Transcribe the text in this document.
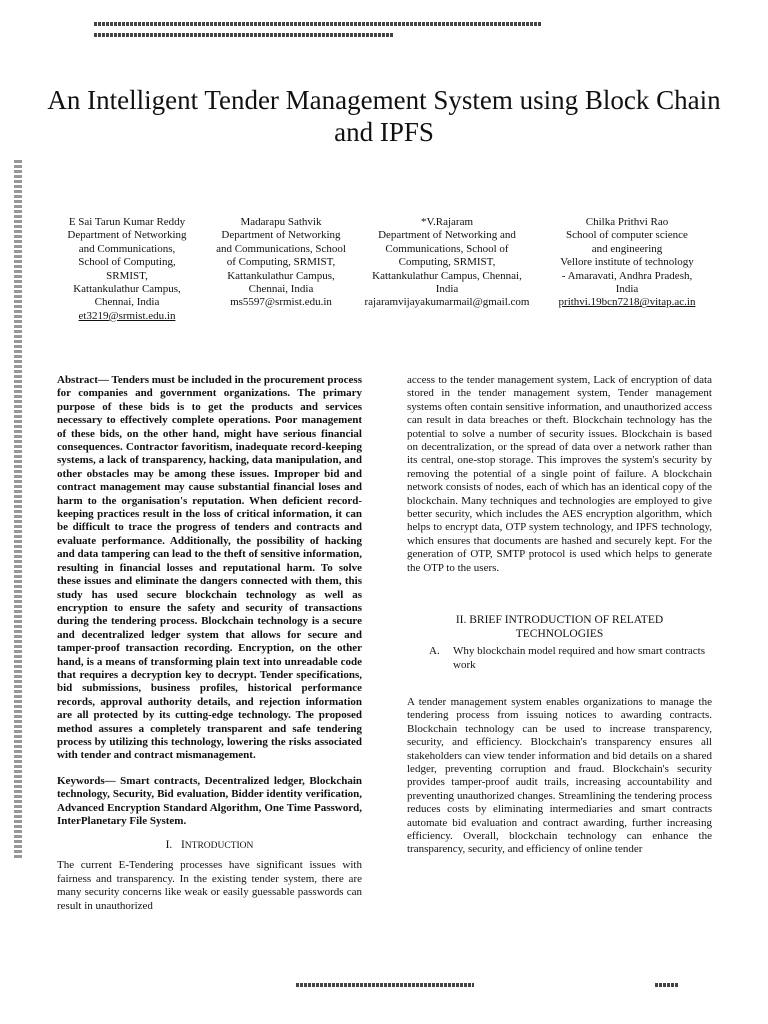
An Intelligent Tender Management System using Block Chain and IPFS
E Sai Tarun Kumar Reddy
Department of Networking
and Communications,
School of Computing,
SRMIST,
Kattankulathur Campus,
Chennai, India
et3219@srmist.edu.in
Madarapu Sathvik
Department of Networking
and Communications, School
of Computing, SRMIST,
Kattankulathur Campus,
Chennai, India
ms5597@srmist.edu.in
*V.Rajaram
Department of Networking and
Communications, School of
Computing, SRMIST,
Kattankulathur Campus, Chennai,
India
rajaramvijayakumarmail@gmail.com
Chilka Prithvi Rao
School of computer science
and engineering
Vellore institute of technology
- Amaravati, Andhra Pradesh,
India
prithvi.19bcn7218@vitap.ac.in

Abstract— Tenders must be included in the procurement process for companies and government organizations. The primary purpose of these bids is to get the products and services necessary to effectively complete operations. Poor management of these bids, on the other hand, might have serious financial consequences. Contractor favoritism, inadequate record-keeping systems, a lack of transparency, hacking, data manipulation, and other obstacles may be among these issues. Improper bid and contract management may cause substantial financial loses and harm to the organisation's reputation. When deficient record-keeping practices result in the loss of critical information, it can be difficult to trace the progress of tenders and contracts and evaluate performance. Additionally, the possibility of hacking and data tampering can lead to the theft of sensitive information, resulting in financial losses and reputational harm. To solve these issues and eliminate the dangers connected with them, this study has used secure blockchain technology as well as encryption to ensure the safety and security of transactions during the tendering process. Blockchain technology is a secure and decentralized ledger system that allows for secure and tamper-proof transaction recording. Encryption, on the other hand, is a means of transforming plain text into unreadable code that requires a decryption key to decrypt. Tender specifications, bid submissions, business profiles, historical performance records, approval authority details, and rejection information are all protected by its cutting-edge technology. The proposed method assures a completely transparent and safe tendering process by utilizing this technology, lowering the risks associated with tender and contract mismanagement.

Keywords— Smart contracts, Decentralized ledger, Blockchain technology, Security, Bid evaluation, Bidder identity verification, Advanced Encryption Standard Algorithm, One Time Password, InterPlanetary File System.

I. INTRODUCTION

The current E-Tendering processes have significant issues with fairness and transparency. In the existing tender system, there are many security concerns like weak or easily guessable passwords can result in unauthorized

access to the tender management system, Lack of encryption of data stored in the tender management system, Tender management systems often contain sensitive information, and unauthorized access can result in data breaches or theft. Blockchain technology has the potential to solve a number of security issues. Blockchain is based on decentralization, or the spread of data over a network rather than its central, one-stop storage. This improves the system's security by removing the potential of a single point of failure. A blockchain network consists of nodes, each of which has an identical copy of the blockchain. Many techniques and technologies are employed to give better security, which includes the AES encryption algorithm, which helps to encrypt data, OTP system technology, and IPFS technology, which ensures that documents are hashed and securely kept. For the generation of OTP, SMTP protocol is used which helps to generate the OTP to the users.

II. BRIEF INTRODUCTION OF RELATED
TECHNOLOGIES
A.	Why blockchain model required and how smart contracts work

A tender management system enables organizations to manage the tendering process from issuing notices to awarding contracts. Blockchain technology can be used to increase transparency, security, and efficiency. Blockchain's transparency ensures all stakeholders can view tender information and bid details on a shared ledger, preventing corruption and fraud. Blockchain's security provides tamper-proof audit trails, increasing accountability and preventing unauthorized changes. Streamlining the tendering process reduces costs by eliminating intermediaries and smart contracts automate bid evaluation and contract awarding, further increasing efficiency. Overall, blockchain technology can enhance the transparency, security, and efficiency of online tender
